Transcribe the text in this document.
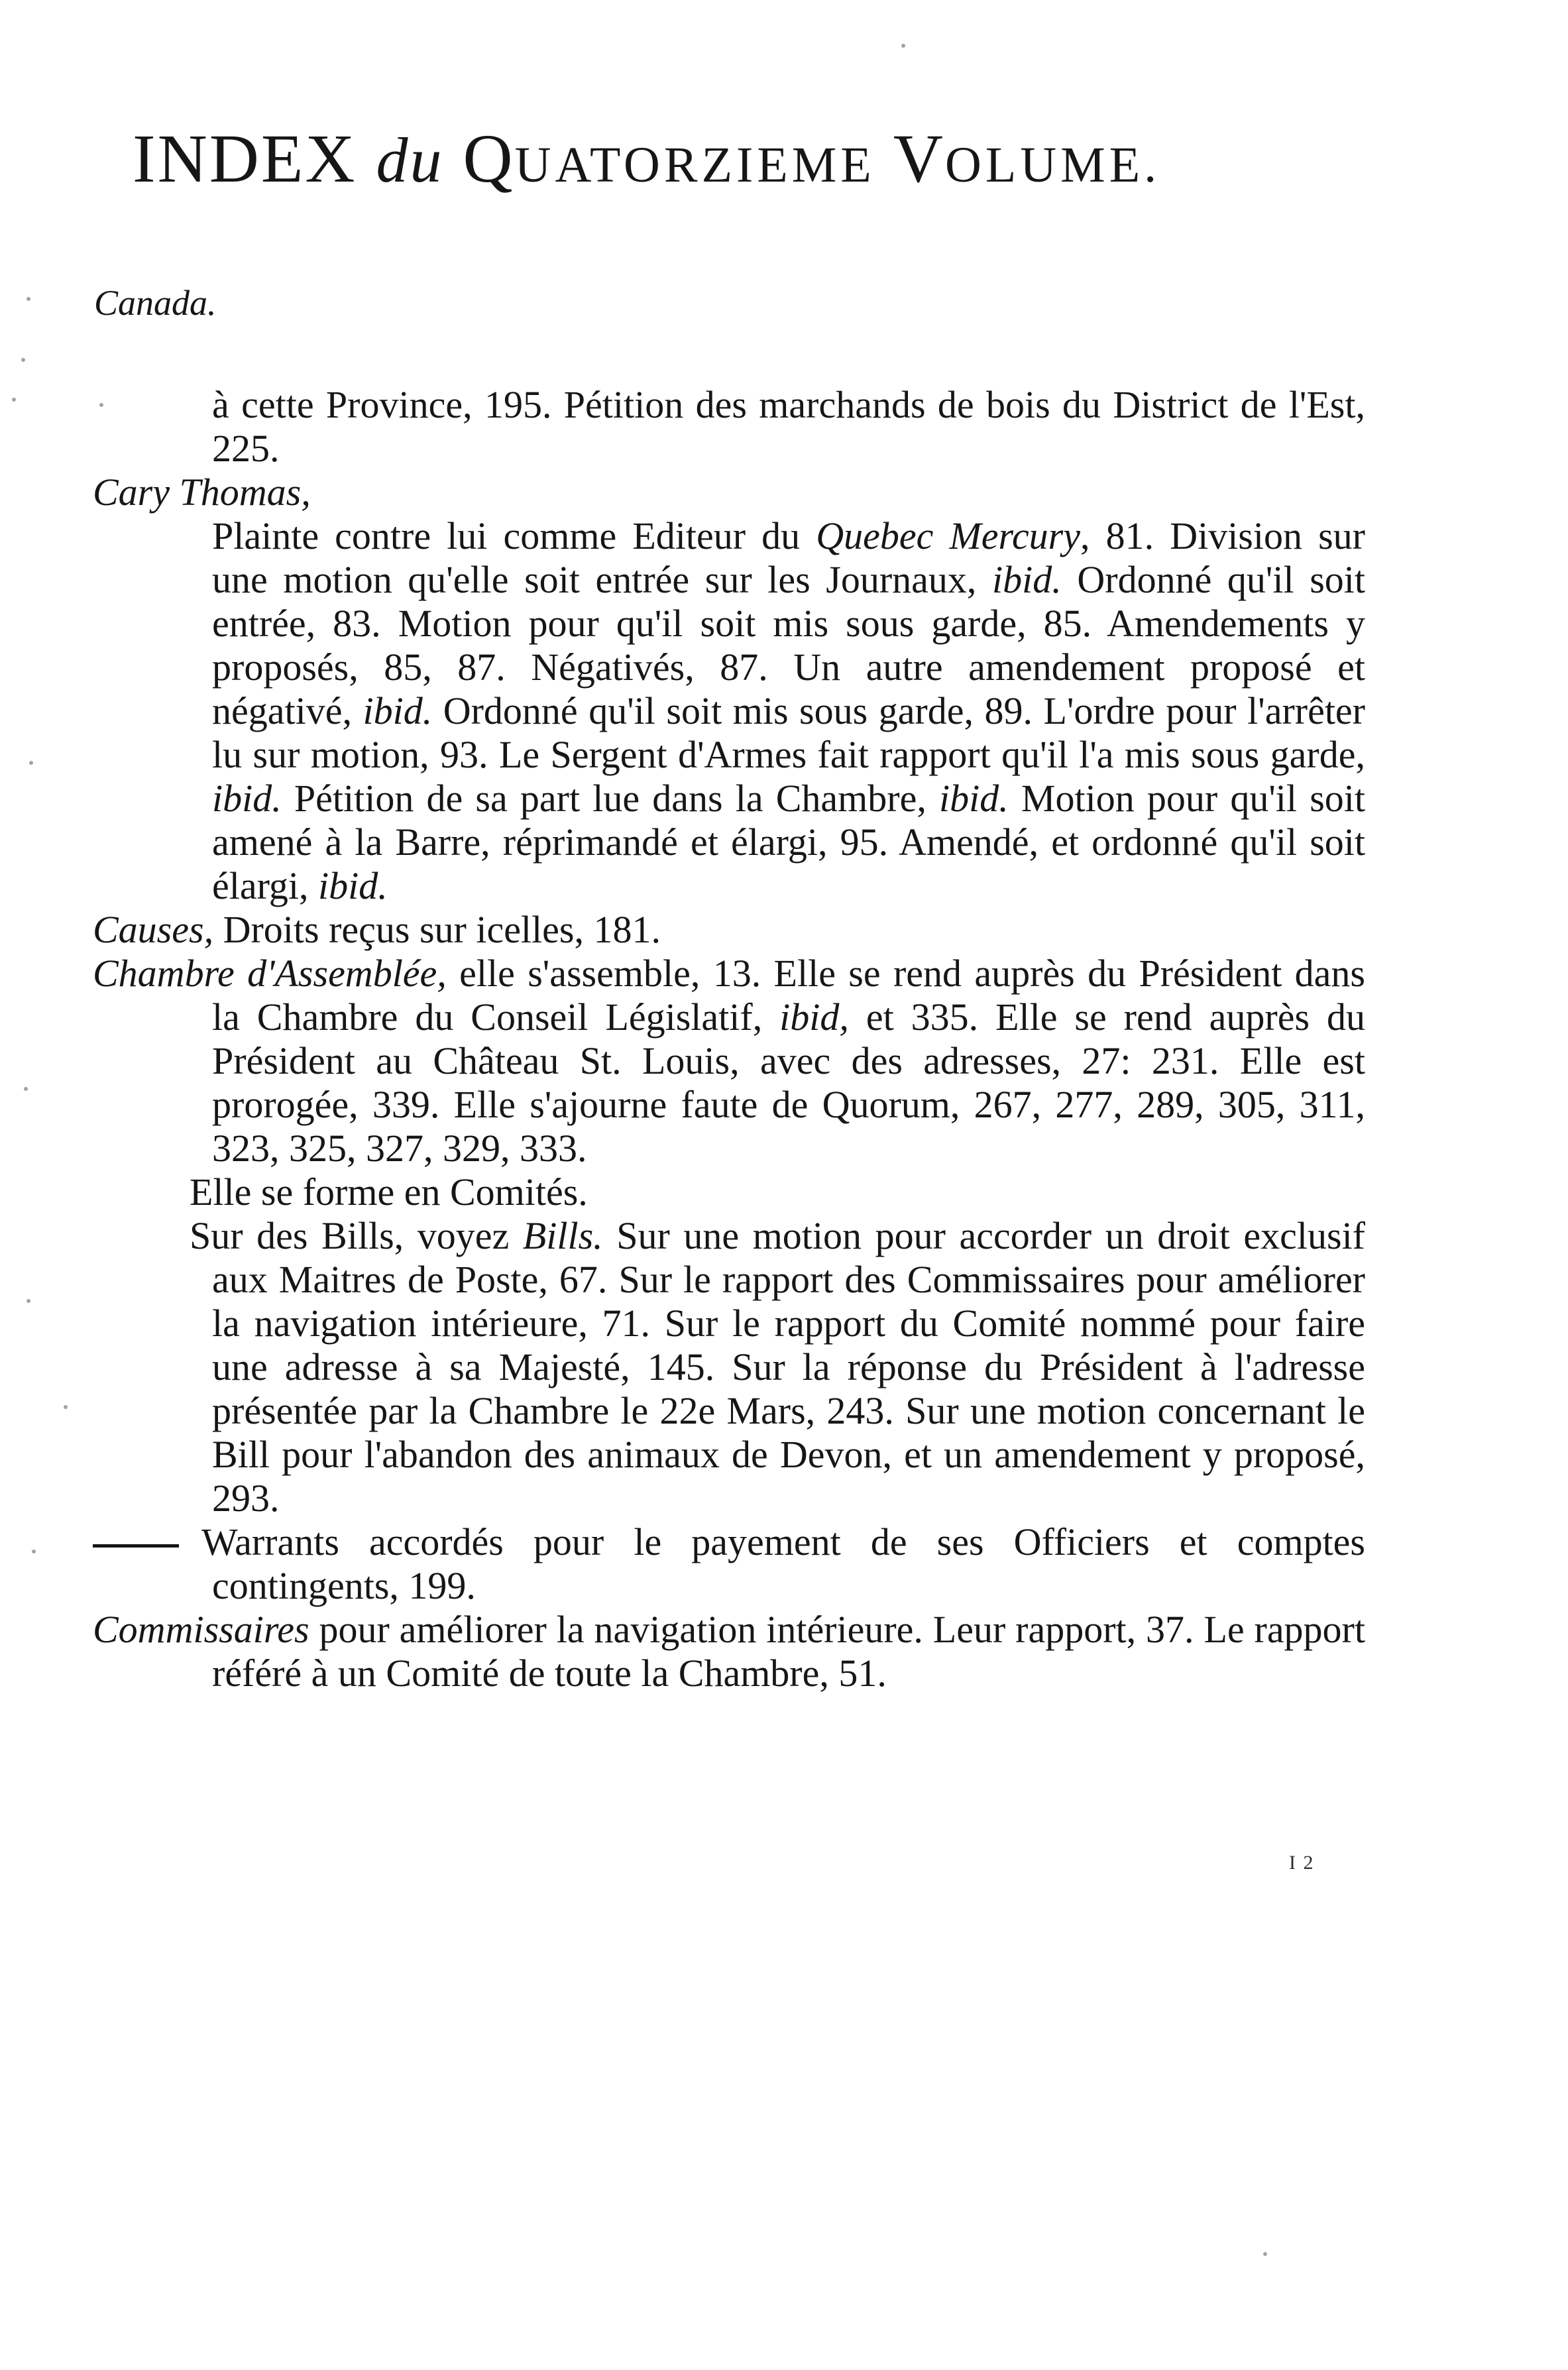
INDEX du QUATORZIEME VOLUME.
Canada.

à cette Province, 195. Pétition des marchands de bois du District de l'Est, 225.

Cary Thomas,

Plainte contre lui comme Editeur du Quebec Mercury, 81. Division sur une motion qu'elle soit entrée sur les Journaux, ibid. Ordonné qu'il soit entrée, 83. Motion pour qu'il soit mis sous garde, 85. Amendements y proposés, 85, 87. Négativés, 87. Un autre amendement proposé et négativé, ibid. Ordonné qu'il soit mis sous garde, 89. L'ordre pour l'arrêter lu sur motion, 93. Le Sergent d'Armes fait rapport qu'il l'a mis sous garde, ibid. Pétition de sa part lue dans la Chambre, ibid. Motion pour qu'il soit amené à la Barre, réprimandé et élargi, 95. Amendé, et ordonné qu'il soit élargi, ibid.

Causes, Droits reçus sur icelles, 181.

Chambre d'Assemblée, elle s'assemble, 13. Elle se rend auprès du Président dans la Chambre du Conseil Législatif, ibid, et 335. Elle se rend auprès du Président au Château St. Louis, avec des adresses, 27: 231. Elle est prorogée, 339. Elle s'ajourne faute de Quorum, 267, 277, 289, 305, 311, 323, 325, 327, 329, 333.

Elle se forme en Comités.

Sur des Bills, voyez Bills. Sur une motion pour accorder un droit exclusif aux Maitres de Poste, 67. Sur le rapport des Commissaires pour améliorer la navigation intérieure, 71. Sur le rapport du Comité nommé pour faire une adresse à sa Majesté, 145. Sur la réponse du Président à l'adresse présentée par la Chambre le 22e Mars, 243. Sur une motion concernant le Bill pour l'abandon des animaux de Devon, et un amendement y proposé, 293.

Warrants accordés pour le payement de ses Officiers et comptes contingents, 199.

Commissaires pour améliorer la navigation intérieure. Leur rapport, 37. Le rapport référé à un Comité de toute la Chambre, 51.

I 2
